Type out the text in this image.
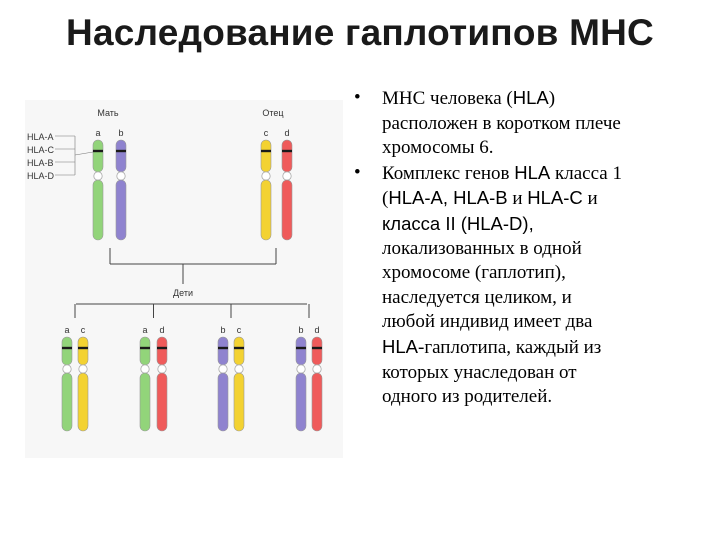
Наследование гаплотипов МНС
Мать	Отец
Дети
HLA-A
HLA-C
HLA-B
HLA-D
a b	c d
a c	a d	b c	b d
• МНС человека (HLA)
расположен в коротком плече
хромосомы 6.
• Комплекс генов HLA класса 1
(HLA-A, HLA-B и HLA-C и
класса II (HLA-D),
локализованных в одной
хромосоме (гаплотип),
наследуется целиком, и
любой индивид имеет два
HLA-гаплотипа, каждый из
которых унаследован от
одного из родителей.
